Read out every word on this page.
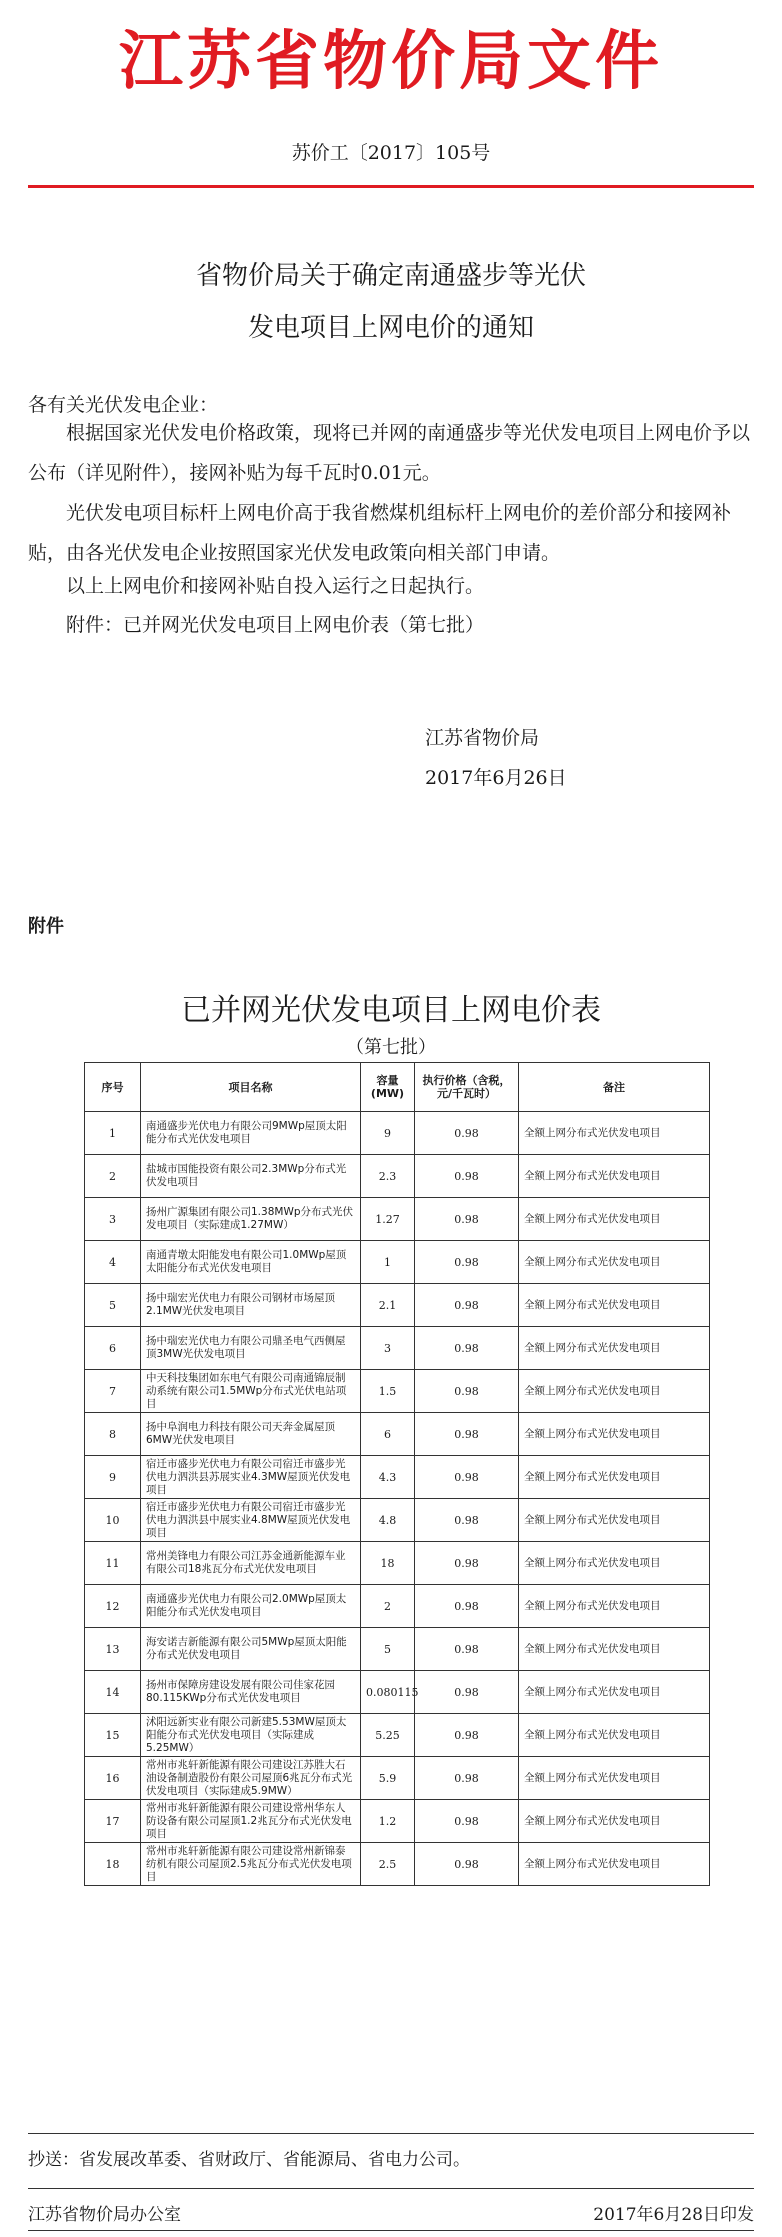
江苏省物价局文件
苏价工〔2017〕105号
省物价局关于确定南通盛步等光伏
发电项目上网电价的通知
各有关光伏发电企业：
根据国家光伏发电价格政策，现将已并网的南通盛步等光伏发电项目上网电价予以公布（详见附件），接网补贴为每千瓦时0.01元。
光伏发电项目标杆上网电价高于我省燃煤机组标杆上网电价的差价部分和接网补贴，由各光伏发电企业按照国家光伏发电政策向相关部门申请。
以上上网电价和接网补贴自投入运行之日起执行。
附件：已并网光伏发电项目上网电价表（第七批）
江苏省物价局
2017年6月26日
附件
已并网光伏发电项目上网电价表
（第七批）
序号	项目名称	容量(MW)	执行价格（含税，元/千瓦时）	备注
1	南通盛步光伏电力有限公司9MWp屋顶太阳能分布式光伏发电项目	9	0.98	全额上网分布式光伏发电项目
2	盐城市国能投资有限公司2.3MWp分布式光伏发电项目	2.3	0.98	全额上网分布式光伏发电项目
3	扬州广源集团有限公司1.38MWp分布式光伏发电项目（实际建成1.27MW）	1.27	0.98	全额上网分布式光伏发电项目
4	南通青墩太阳能发电有限公司1.0MWp屋顶太阳能分布式光伏发电项目	1	0.98	全额上网分布式光伏发电项目
5	扬中瑞宏光伏电力有限公司钢材市场屋顶2.1MW光伏发电项目	2.1	0.98	全额上网分布式光伏发电项目
6	扬中瑞宏光伏电力有限公司鼎圣电气西侧屋顶3MW光伏发电项目	3	0.98	全额上网分布式光伏发电项目
7	中天科技集团如东电气有限公司南通锦辰制动系统有限公司1.5MWp分布式光伏电站项目	1.5	0.98	全额上网分布式光伏发电项目
8	扬中阜润电力科技有限公司天奔金属屋顶6MW光伏发电项目	6	0.98	全额上网分布式光伏发电项目
9	宿迁市盛步光伏电力有限公司宿迁市盛步光伏电力泗洪县苏展实业4.3MW屋顶光伏发电项目	4.3	0.98	全额上网分布式光伏发电项目
10	宿迁市盛步光伏电力有限公司宿迁市盛步光伏电力泗洪县中展实业4.8MW屋顶光伏发电项目	4.8	0.98	全额上网分布式光伏发电项目
11	常州美锋电力有限公司江苏金通新能源车业有限公司18兆瓦分布式光伏发电项目	18	0.98	全额上网分布式光伏发电项目
12	南通盛步光伏电力有限公司2.0MWp屋顶太阳能分布式光伏发电项目	2	0.98	全额上网分布式光伏发电项目
13	海安诺吉新能源有限公司5MWp屋顶太阳能分布式光伏发电项目	5	0.98	全额上网分布式光伏发电项目
14	扬州市保障房建设发展有限公司佳家花园80.115KWp分布式光伏发电项目	0.080115	0.98	全额上网分布式光伏发电项目
15	沭阳远新实业有限公司新建5.53MW屋顶太阳能分布式光伏发电项目（实际建成5.25MW）	5.25	0.98	全额上网分布式光伏发电项目
16	常州市兆轩新能源有限公司建设江苏胜大石油设备制造股份有限公司屋顶6兆瓦分布式光伏发电项目（实际建成5.9MW）	5.9	0.98	全额上网分布式光伏发电项目
17	常州市兆轩新能源有限公司建设常州华东人防设备有限公司屋顶1.2兆瓦分布式光伏发电项目	1.2	0.98	全额上网分布式光伏发电项目
18	常州市兆轩新能源有限公司建设常州新锦泰纺机有限公司屋顶2.5兆瓦分布式光伏发电项目	2.5	0.98	全额上网分布式光伏发电项目
抄送：省发展改革委、省财政厅、省能源局、省电力公司。
江苏省物价局办公室	2017年6月28日印发
